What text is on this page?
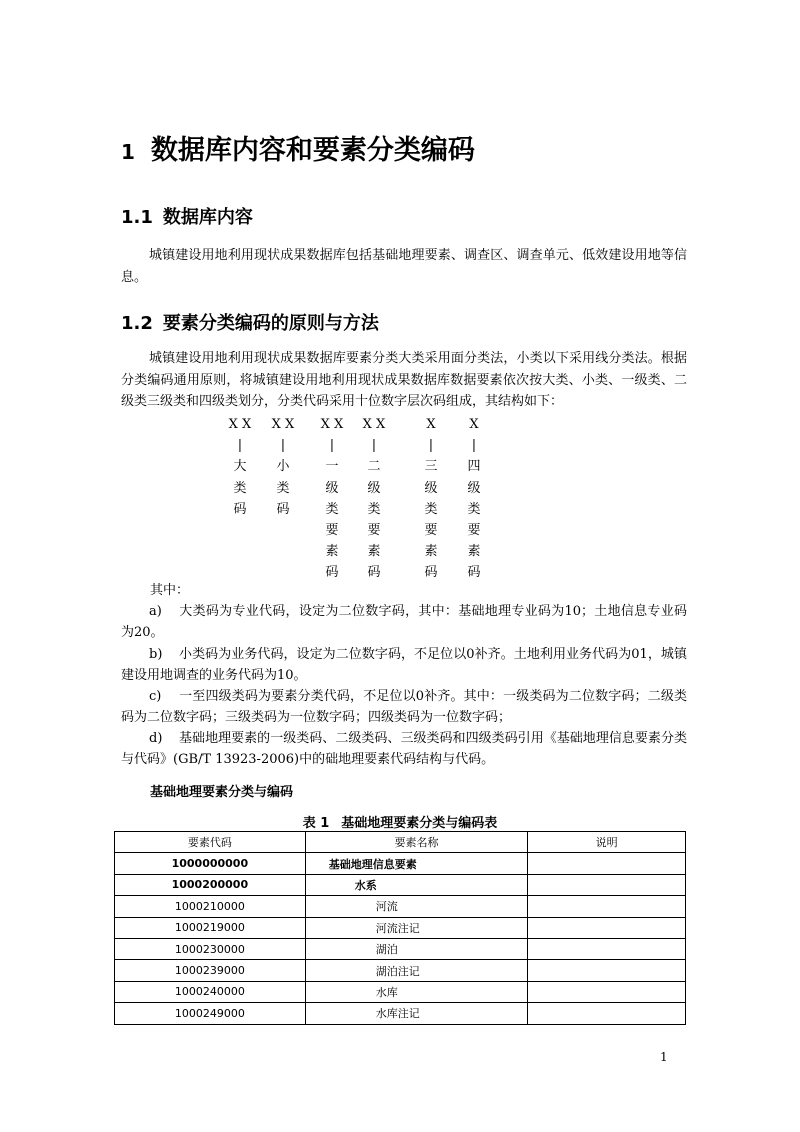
1 数据库内容和要素分类编码
1.1 数据库内容

城镇建设用地利用现状成果数据库包括基础地理要素、调查区、调查单元、低效建设用地等信息。

1.2 要素分类编码的原则与方法

城镇建设用地利用现状成果数据库要素分类大类采用面分类法，小类以下采用线分类法。根据分类编码通用原则，将城镇建设用地利用现状成果数据库数据要素依次按大类、小类、一级类、二级类三级类和四级类划分，分类代码采用十位数字层次码组成，其结构如下：

X X
|
大
类
码
X X
|
小
类
码
X X
|
一
级
类
要
素
码
X X
|
二
级
类
要
素
码
X
|
三
级
类
要
素
码
X
|
四
级
类
要
素
码
其中：
a) 大类码为专业代码，设定为二位数字码，其中：基础地理专业码为10；土地信息专业码为20。
b) 小类码为业务代码，设定为二位数字码，不足位以0补齐。土地利用业务代码为01，城镇建设用地调查的业务代码为10。
c) 一至四级类码为要素分类代码，不足位以0补齐。其中：一级类码为二位数字码；二级类码为二位数字码；三级类码为一位数字码；四级类码为一位数字码；
d) 基础地理要素的一级类码、二级类码、三级类码和四级类码引用《基础地理信息要素分类与代码》(GB/T 13923-2006)中的础地理要素代码结构与代码。
基础地理要素分类与编码
表 1 基础地理要素分类与编码表
要素代码	要素名称	说明
1000000000	基础地理信息要素	
1000200000	水系	
1000210000	河流	
1000219000	河流注记	
1000230000	湖泊	
1000239000	湖泊注记	
1000240000	水库	
1000249000	水库注记	
1
